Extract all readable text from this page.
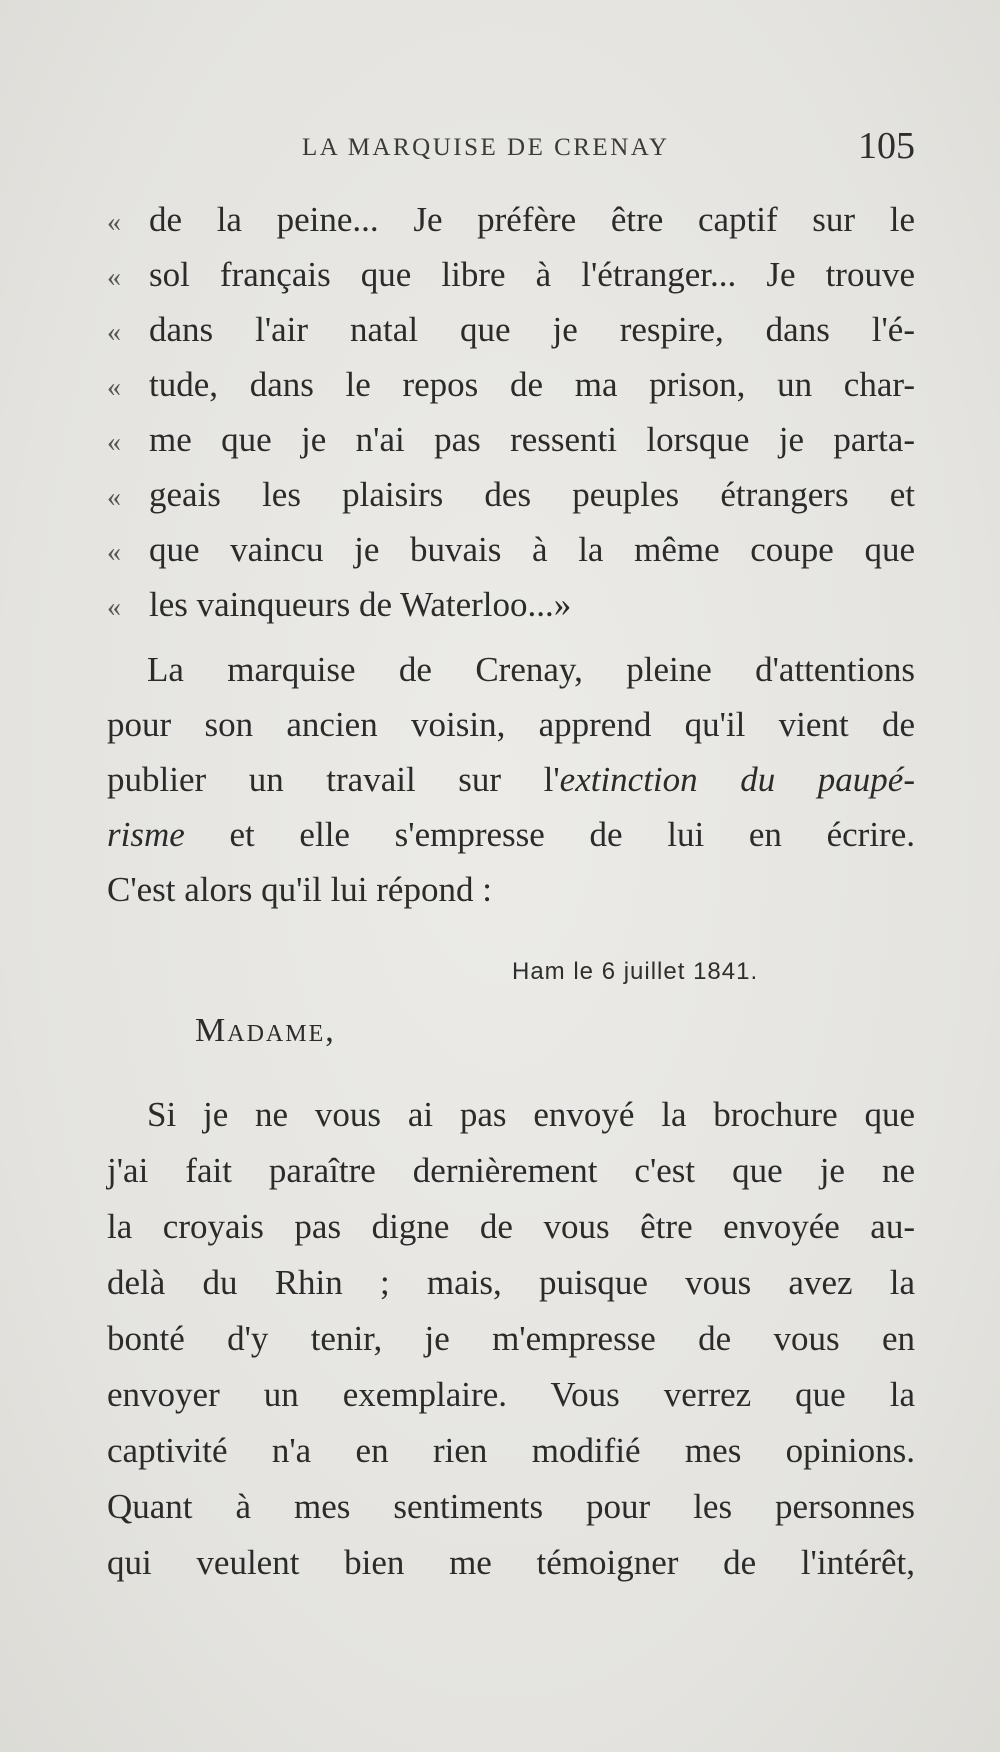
LA MARQUISE DE CRENAY	105
« de la peine... Je préfère être captif sur le
« sol français que libre à l'étranger... Je trouve
« dans l'air natal que je respire, dans l'é-
« tude, dans le repos de ma prison, un char-
« me que je n'ai pas ressenti lorsque je parta-
« geais les plaisirs des peuples étrangers et
« que vaincu je buvais à la même coupe que
« les vainqueurs de Waterloo...»
La marquise de Crenay, pleine d'attentions
pour son ancien voisin, apprend qu'il vient de
publier un travail sur l'extinction du paupé-
risme et elle s'empresse de lui en écrire.
C'est alors qu'il lui répond :
Ham le 6 juillet 1841.
Madame,
Si je ne vous ai pas envoyé la brochure que
j'ai fait paraître dernièrement c'est que je ne
la croyais pas digne de vous être envoyée au-
delà du Rhin ; mais, puisque vous avez la
bonté d'y tenir, je m'empresse de vous en
envoyer un exemplaire. Vous verrez que la
captivité n'a en rien modifié mes opinions.
Quant à mes sentiments pour les personnes
qui veulent bien me témoigner de l'intérêt,
